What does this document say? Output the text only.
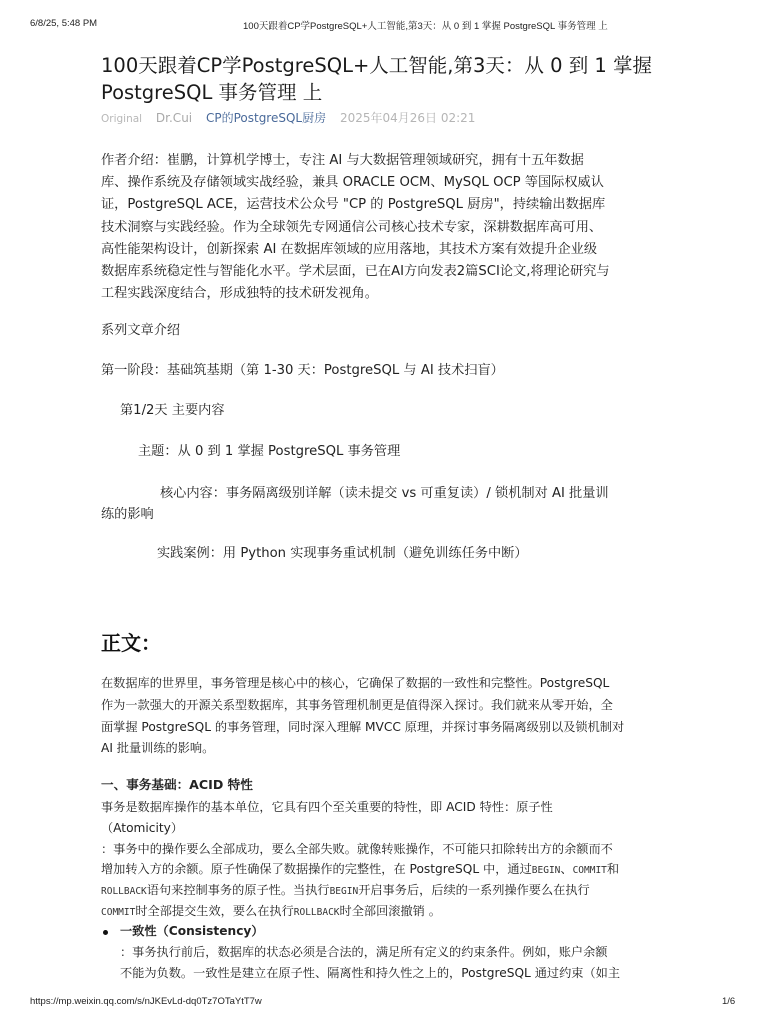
6/8/25, 5:48 PM	100天跟着CP学PostgreSQL+人工智能,第3天：从 0 到 1 掌握 PostgreSQL 事务管理 上
100天跟着CP学PostgreSQL+人工智能,第3天：从 0 到 1 掌握 PostgreSQL 事务管理 上
Original Dr.Cui CP的PostgreSQL厨房 2025年04月26日 02:21
作者介绍：崔鹏，计算机学博士，专注 AI 与大数据管理领域研究，拥有十五年数据
库、操作系统及存储领域实战经验，兼具 ORACLE OCM、MySQL OCP 等国际权威认
证，PostgreSQL ACE，运营技术公众号 "CP 的 PostgreSQL 厨房"，持续输出数据库
技术洞察与实践经验。作为全球领先专网通信公司核心技术专家，深耕数据库高可用、
高性能架构设计，创新探索 AI 在数据库领域的应用落地，其技术方案有效提升企业级
数据库系统稳定性与智能化水平。学术层面，已在AI方向发表2篇SCI论文,将理论研究与
工程实践深度结合，形成独特的技术研发视角。
系列文章介绍
第一阶段：基础筑基期（第 1-30 天：PostgreSQL 与 AI 技术扫盲）
第1/2天 主要内容
主题：从 0 到 1 掌握 PostgreSQL 事务管理
核心内容：事务隔离级别详解（读未提交 vs 可重复读）/ 锁机制对 AI 批量训
练的影响
实践案例：用 Python 实现事务重试机制（避免训练任务中断）
正文：
在数据库的世界里，事务管理是核心中的核心，它确保了数据的一致性和完整性。PostgreSQL
作为一款强大的开源关系型数据库，其事务管理机制更是值得深入探讨。我们就来从零开始，全
面掌握 PostgreSQL 的事务管理，同时深入理解 MVCC 原理，并探讨事务隔离级别以及锁机制对
AI 批量训练的影响。
一、事务基础：ACID 特性
事务是数据库操作的基本单位，它具有四个至关重要的特性，即 ACID 特性：原子性
（Atomicity）
：事务中的操作要么全部成功，要么全部失败。就像转账操作，不可能只扣除转出方的余额而不
增加转入方的余额。原子性确保了数据操作的完整性，在 PostgreSQL 中，通过BEGIN、COMMIT和
ROLLBACK语句来控制事务的原子性。当执行BEGIN开启事务后，后续的一系列操作要么在执行
COMMIT时全部提交生效，要么在执行ROLLBACK时全部回滚撤销 。
一致性（Consistency）
：事务执行前后，数据库的状态必须是合法的，满足所有定义的约束条件。例如，账户余额
不能为负数。一致性是建立在原子性、隔离性和持久性之上的，PostgreSQL 通过约束（如主
https://mp.weixin.qq.com/s/nJKEvLd-dq0Tz7OTaYtT7w	1/6
